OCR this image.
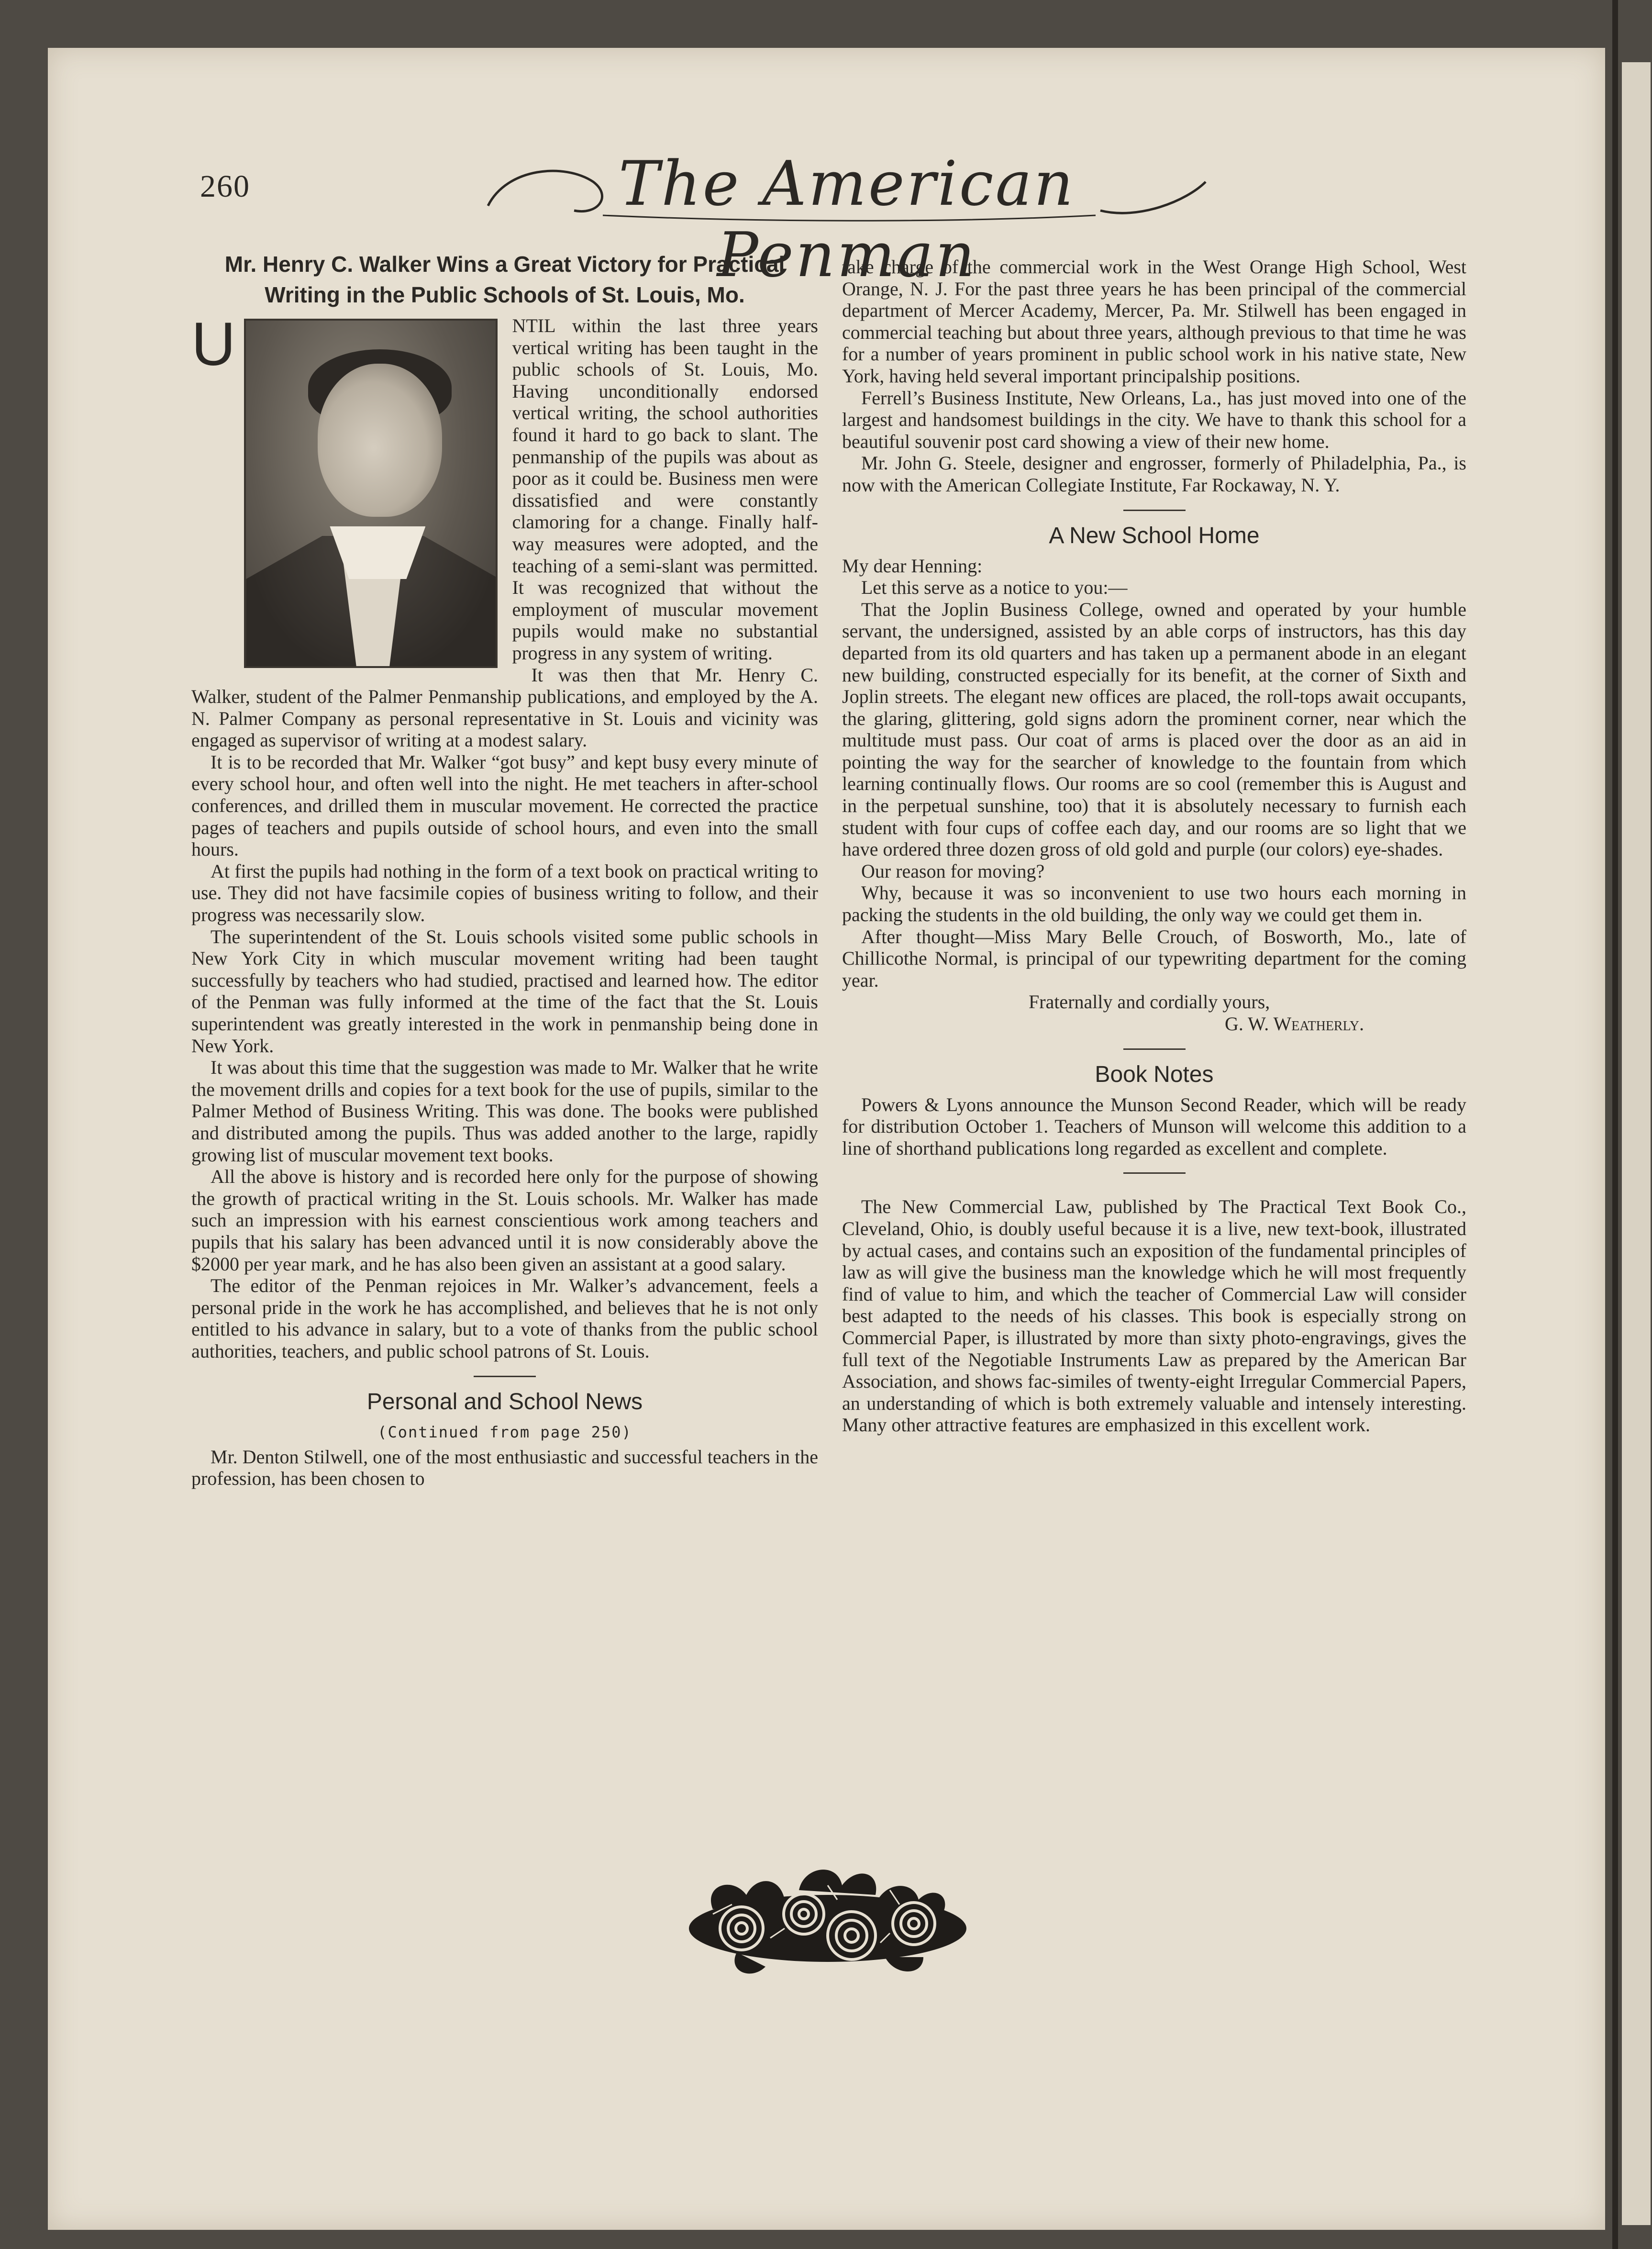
260	The American Penman

Mr. Henry C. Walker Wins a Great Victory for Practical

Writing in the Public Schools of St. Louis, Mo.

U	NTIL within the last three years vertical writing has been taught in the public schools of St. Louis, Mo. Having unconditionally endorsed vertical writing, the school authorities found it hard to go back to slant. The penmanship of the pupils was about as poor as it could be. Business men were dissatisfied and were constantly clamoring for a change. Finally half-way measures were adopted, and the teaching of a semi-slant was permitted. It was recognized that without the employment of muscular movement pupils would make no substantial progress in any system of writing.

It was then that Mr. Henry C. Walker, student of the Palmer Penmanship publications, and employed by the A. N. Palmer Company as personal representative in St. Louis and vicinity was engaged as supervisor of writing at a modest salary.

It is to be recorded that Mr. Walker “got busy” and kept busy every minute of every school hour, and often well into the night. He met teachers in after-school conferences, and drilled them in muscular movement. He corrected the practice pages of teachers and pupils outside of school hours, and even into the small hours.

At first the pupils had nothing in the form of a text book on practical writing to use. They did not have facsimile copies of business writing to follow, and their progress was necessarily slow.

The superintendent of the St. Louis schools visited some public schools in New York City in which muscular movement writing had been taught successfully by teachers who had studied, practised and learned how. The editor of the Penman was fully informed at the time of the fact that the St. Louis superintendent was greatly interested in the work in penmanship being done in New York.

It was about this time that the suggestion was made to Mr. Walker that he write the movement drills and copies for a text book for the use of pupils, similar to the Palmer Method of Business Writing. This was done. The books were published and distributed among the pupils. Thus was added another to the large, rapidly growing list of muscular movement text books.

All the above is history and is recorded here only for the purpose of showing the growth of practical writing in the St. Louis schools. Mr. Walker has made such an impression with his earnest conscientious work among teachers and pupils that his salary has been advanced until it is now considerably above the $2000 per year mark, and he has also been given an assistant at a good salary.

The editor of the Penman rejoices in Mr. Walker’s advancement, feels a personal pride in the work he has accomplished, and believes that he is not only entitled to his advance in salary, but to a vote of thanks from the public school authorities, teachers, and public school patrons of St. Louis.

Personal and School News

(Continued from page 250)

Mr. Denton Stilwell, one of the most enthusiastic and successful teachers in the profession, has been chosen to

take charge of the commercial work in the West Orange High School, West Orange, N. J. For the past three years he has been principal of the commercial department of Mercer Academy, Mercer, Pa. Mr. Stilwell has been engaged in commercial teaching but about three years, although previous to that time he was for a number of years prominent in public school work in his native state, New York, having held several important principalship positions.

Ferrell’s Business Institute, New Orleans, La., has just moved into one of the largest and handsomest buildings in the city. We have to thank this school for a beautiful souvenir post card showing a view of their new home.

Mr. John G. Steele, designer and engrosser, formerly of Philadelphia, Pa., is now with the American Collegiate Institute, Far Rockaway, N. Y.

A New School Home

My dear Henning:

Let this serve as a notice to you:—

That the Joplin Business College, owned and operated by your humble servant, the undersigned, assisted by an able corps of instructors, has this day departed from its old quarters and has taken up a permanent abode in an elegant new building, constructed especially for its benefit, at the corner of Sixth and Joplin streets. The elegant new offices are placed, the roll-tops await occupants, the glaring, glittering, gold signs adorn the prominent corner, near which the multitude must pass. Our coat of arms is placed over the door as an aid in pointing the way for the searcher of knowledge to the fountain from which learning continually flows. Our rooms are so cool (remember this is August and in the perpetual sunshine, too) that it is absolutely necessary to furnish each student with four cups of coffee each day, and our rooms are so light that we have ordered three dozen gross of old gold and purple (our colors) eye-shades.

Our reason for moving?

Why, because it was so inconvenient to use two hours each morning in packing the students in the old building, the only way we could get them in.

After thought—Miss Mary Belle Crouch, of Bosworth, Mo., late of Chillicothe Normal, is principal of our typewriting department for the coming year.

Fraternally and cordially yours,

G. W. Weatherly.

Book Notes

Powers & Lyons announce the Munson Second Reader, which will be ready for distribution October 1. Teachers of Munson will welcome this addition to a line of shorthand publications long regarded as excellent and complete.

The New Commercial Law, published by The Practical Text Book Co., Cleveland, Ohio, is doubly useful because it is a live, new text-book, illustrated by actual cases, and contains such an exposition of the fundamental principles of law as will give the business man the knowledge which he will most frequently find of value to him, and which the teacher of Commercial Law will consider best adapted to the needs of his classes. This book is especially strong on Commercial Paper, is illustrated by more than sixty photo-engravings, gives the full text of the Negotiable Instruments Law as prepared by the American Bar Association, and shows fac-similes of twenty-eight Irregular Commercial Papers, an understanding of which is both extremely valuable and intensely interesting. Many other attractive features are emphasized in this excellent work.
